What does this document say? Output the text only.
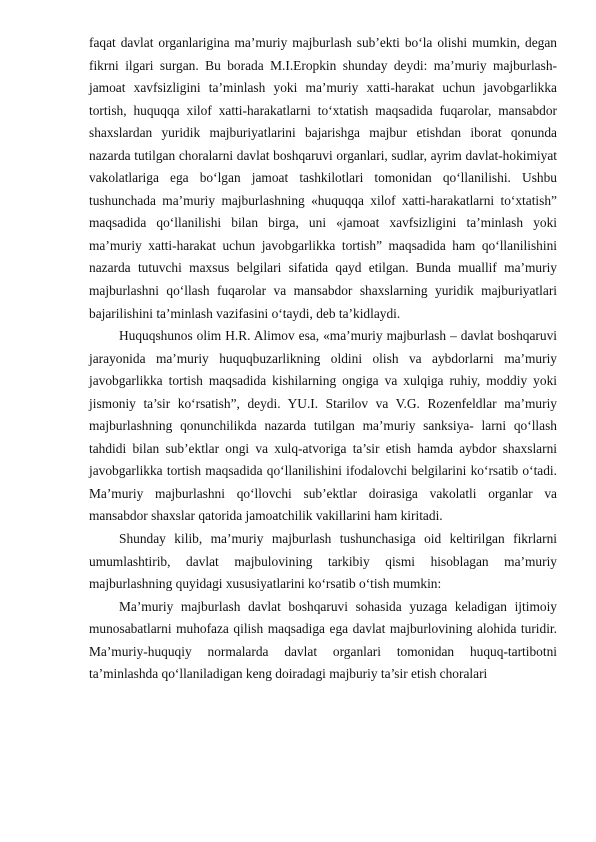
faqat davlat organlarigina ma’muriy majburlash sub’ekti bo‘la olishi mumkin, degan fikrni ilgari surgan. Bu borada M.I.Eropkin shunday deydi: ma’muriy majburlash-jamoat xavfsizligini ta’minlash yoki ma’muriy xatti-harakat uchun javobgarlikka tortish, huquqqa xilof xatti-harakatlarni to‘xtatish maqsadida fuqarolar, mansabdor shaxslardan yuridik majburiyatlarini bajarishga majbur etishdan iborat qonunda nazarda tutilgan choralarni davlat boshqaruvi organlari, sudlar, ayrim davlat-hokimiyat vakolatlariga ega bo‘lgan jamoat tashkilotlari tomonidan qo‘llanilishi. Ushbu tushunchada ma’muriy majburlashning «huquqqa xilof xatti-harakatlarni to‘xtatish” maqsadida qo‘llanilishi bilan birga, uni «jamoat xavfsizligini ta’minlash yoki ma’muriy xatti-harakat uchun javobgarlikka tortish” maqsadida ham qo‘llanilishini nazarda tutuvchi maxsus belgilari sifatida qayd etilgan. Bunda muallif ma’muriy majburlashni qo‘llash fuqarolar va mansabdor shaxslarning yuridik majburiyatlari bajarilishini ta’minlash vazifasini o‘taydi, deb ta’kidlaydi.

Huquqshunos olim H.R. Alimov esa, «ma’muriy majburlash – davlat boshqaruvi jarayonida ma’muriy huquqbuzarlikning oldini olish va aybdorlarni ma’muriy javobgarlikka tortish maqsadida kishilarning ongiga va xulqiga ruhiy, moddiy yoki jismoniy ta’sir ko‘rsatish”, deydi. YU.I. Starilov va V.G. Rozenfeldlar ma’muriy majburlashning qonunchilikda nazarda tutilgan ma’muriy sanksiya- larni qo‘llash tahdidi bilan sub’ektlar ongi va xulq-atvoriga ta’sir etish hamda aybdor shaxslarni javobgarlikka tortish maqsadida qo‘llanilishini ifodalovchi belgilarini ko‘rsatib o‘tadi. Ma’muriy majburlashni qo‘llovchi sub’ektlar doirasiga vakolatli organlar va mansabdor shaxslar qatorida jamoatchilik vakillarini ham kiritadi.

Shunday kilib, ma’muriy majburlash tushunchasiga oid keltirilgan fikrlarni umumlashtirib, davlat majbulovining tarkibiy qismi hisoblagan ma’muriy majburlashning quyidagi xususiyatlarini ko‘rsatib o‘tish mumkin:

Ma’muriy majburlash davlat boshqaruvi sohasida yuzaga keladigan ijtimoiy munosabatlarni muhofaza qilish maqsadiga ega davlat majburlovining alohida turidir. Ma’muriy-huquqiy normalarda davlat organlari tomonidan huquq-tartibotni ta’minlashda qo‘llaniladigan keng doiradagi majburiy ta’sir etish choralari
